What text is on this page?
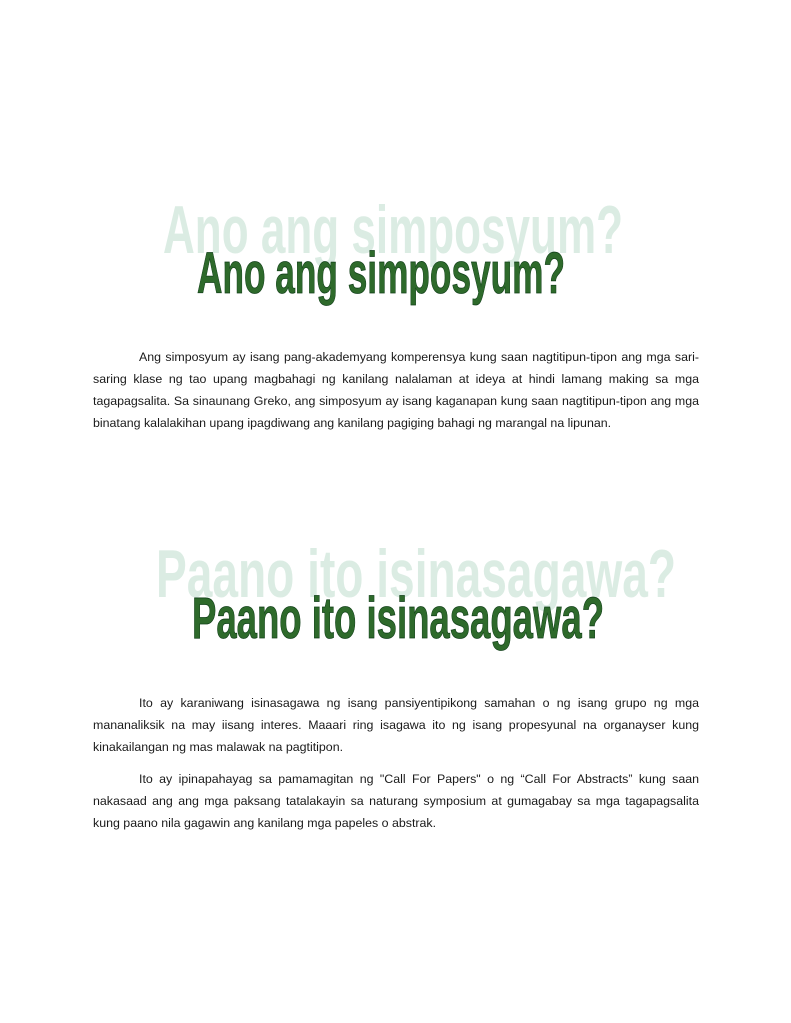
Ano ang simposyum?
Ano ang simposyum?

Ang simposyum ay isang pang-akademyang komperensya kung saan nagtitipun-tipon ang mga sari-saring klase ng tao upang magbahagi ng kanilang nalalaman at ideya at hindi lamang making sa mga tagapagsalita. Sa sinaunang Greko, ang simposyum ay isang kaganapan kung saan nagtitipun-tipon ang mga binatang kalalakihan upang ipagdiwang ang kanilang pagiging bahagi ng marangal na lipunan.

Paano ito isinasagawa?
Paano ito isinasagawa?

Ito ay karaniwang isinasagawa ng isang pansiyentipikong samahan o ng isang grupo ng mga mananaliksik na may iisang interes. Maaari ring isagawa ito ng isang propesyunal na organayser kung kinakailangan ng mas malawak na pagtitipon.

Ito ay ipinapahayag sa pamamagitan ng "Call For Papers" o ng “Call For Abstracts” kung saan nakasaad ang ang mga paksang tatalakayin sa naturang symposium at gumagabay sa mga tagapagsalita kung paano nila gagawin ang kanilang mga papeles o abstrak.
